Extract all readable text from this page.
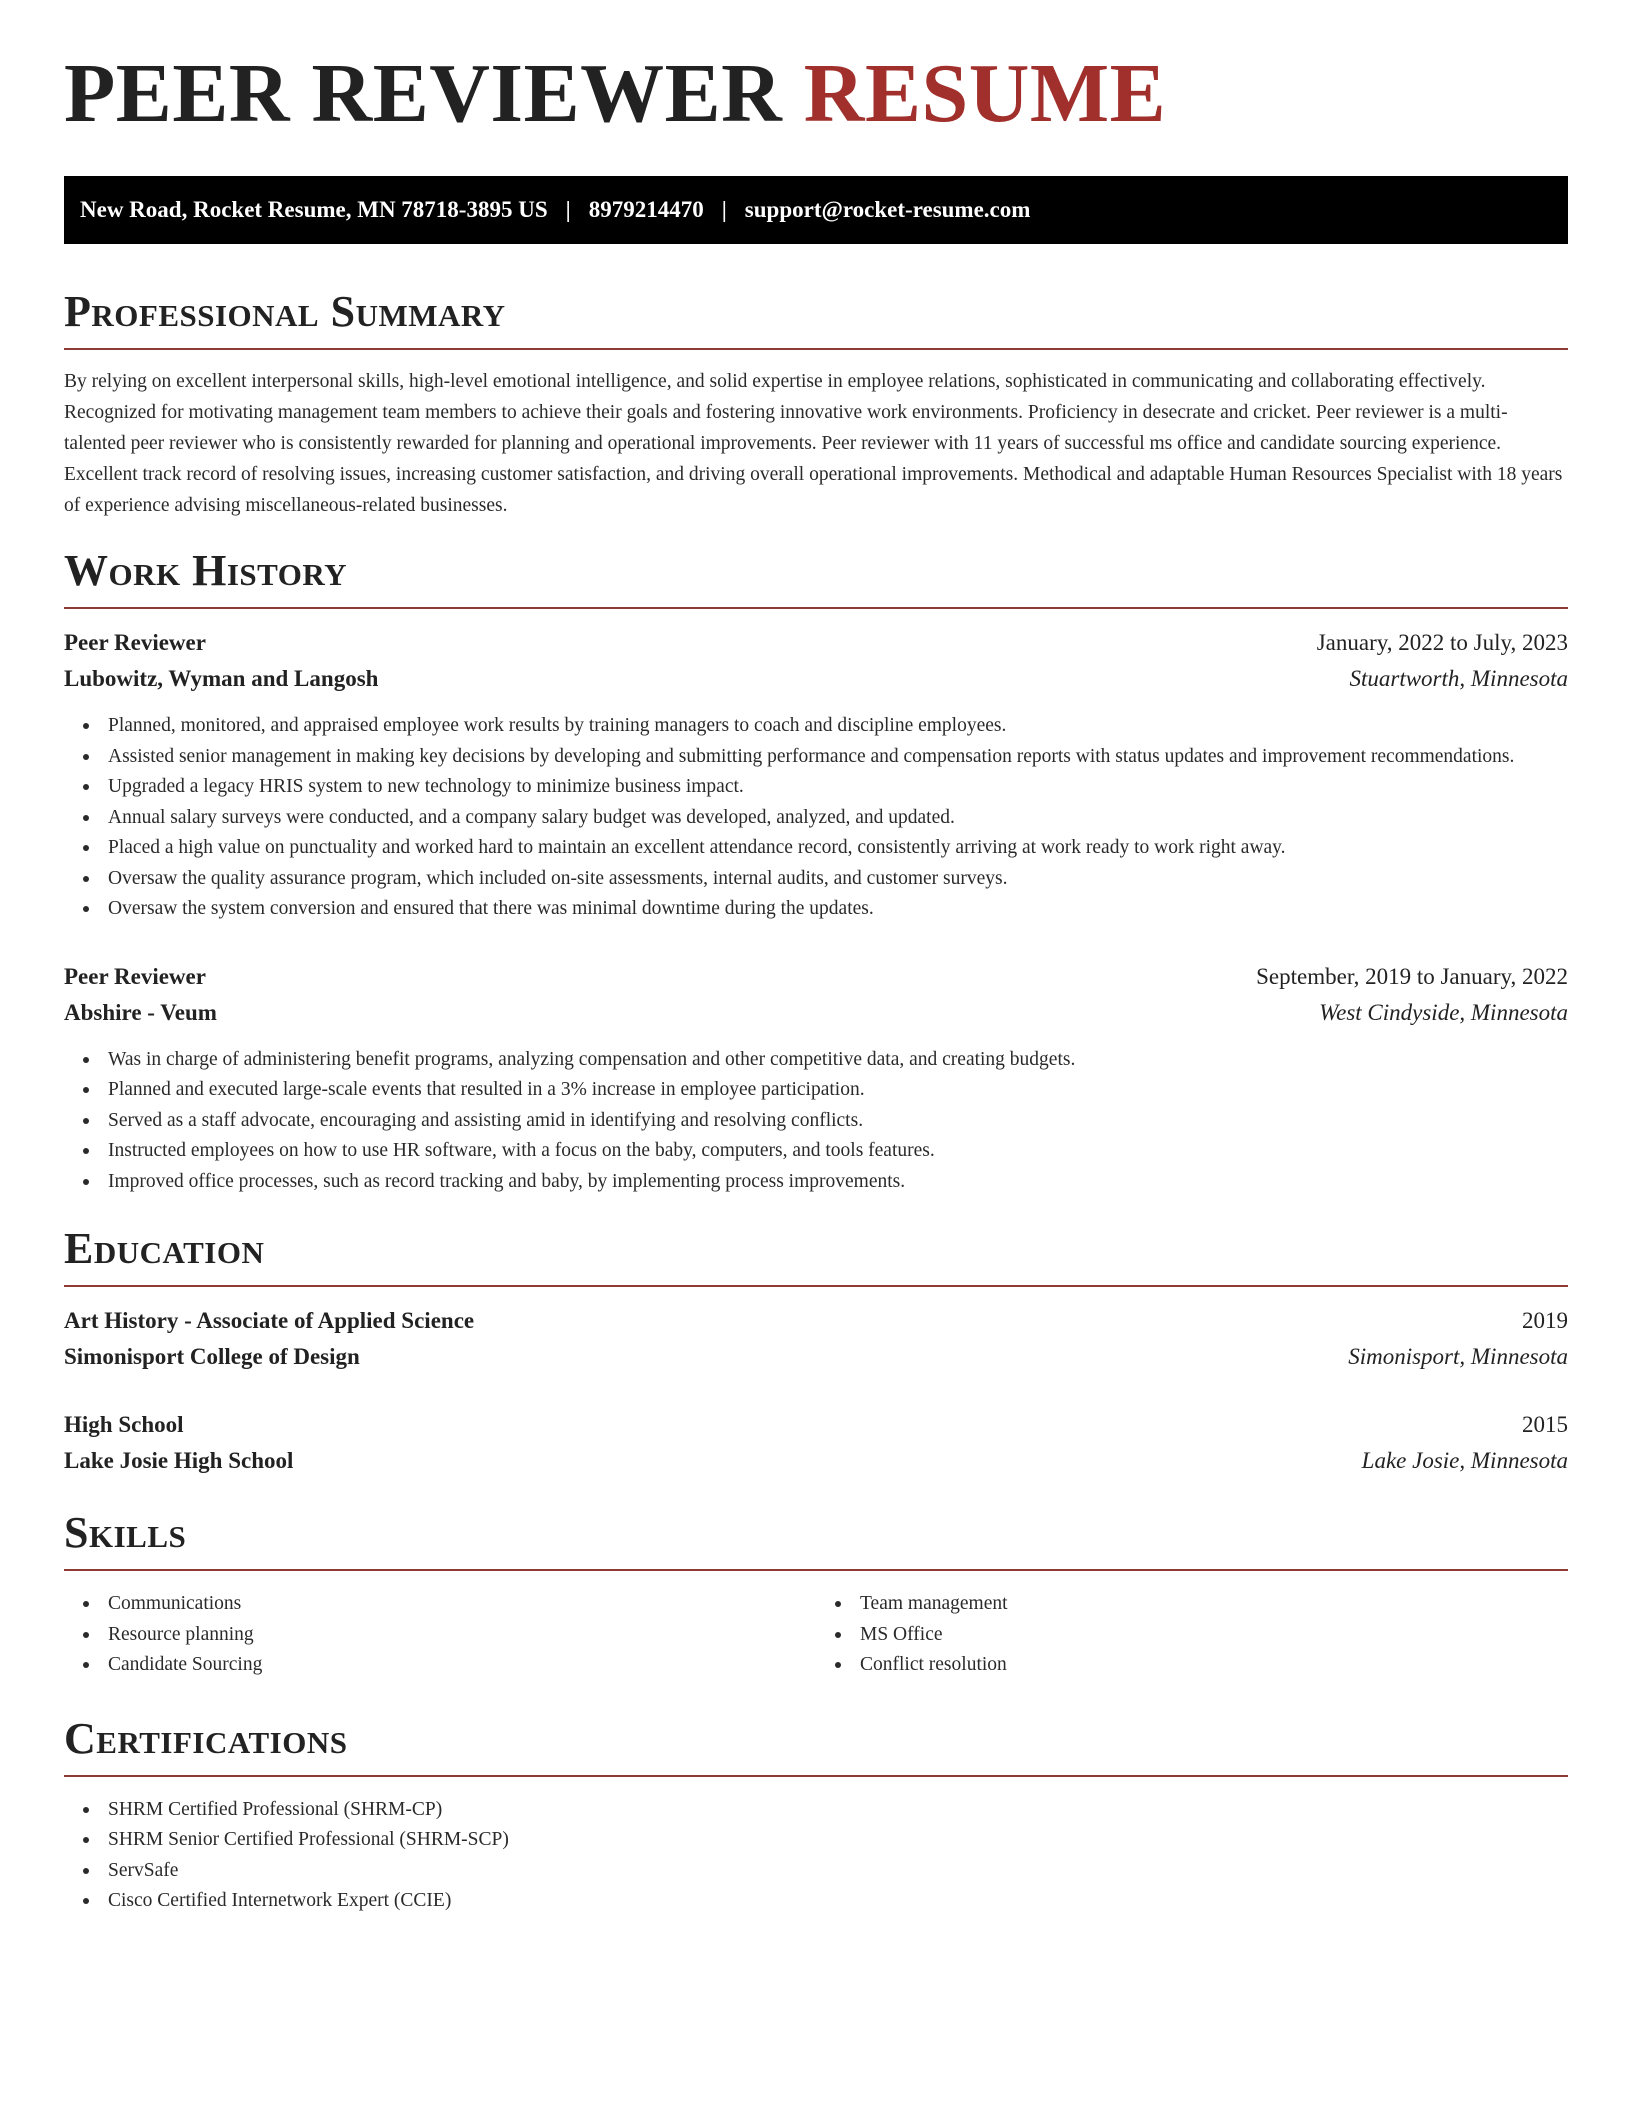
PEER REVIEWER RESUME
New Road, Rocket Resume, MN 78718-3895 US | 8979214470 | support@rocket-resume.com
Professional Summary

By relying on excellent interpersonal skills, high-level emotional intelligence, and solid expertise in employee relations, sophisticated in communicating and collaborating effectively. Recognized for motivating management team members to achieve their goals and fostering innovative work environments. Proficiency in desecrate and cricket. Peer reviewer is a multi-talented peer reviewer who is consistently rewarded for planning and operational improvements. Peer reviewer with 11 years of successful ms office and candidate sourcing experience. Excellent track record of resolving issues, increasing customer satisfaction, and driving overall operational improvements. Methodical and adaptable Human Resources Specialist with 18 years of experience advising miscellaneous-related businesses.

Work History
Peer Reviewer	January, 2022 to July, 2023
Lubowitz, Wyman and Langosh	Stuartworth, Minnesota
Planned, monitored, and appraised employee work results by training managers to coach and discipline employees.
Assisted senior management in making key decisions by developing and submitting performance and compensation reports with status updates and improvement recommendations.
Upgraded a legacy HRIS system to new technology to minimize business impact.
Annual salary surveys were conducted, and a company salary budget was developed, analyzed, and updated.
Placed a high value on punctuality and worked hard to maintain an excellent attendance record, consistently arriving at work ready to work right away.
Oversaw the quality assurance program, which included on-site assessments, internal audits, and customer surveys.
Oversaw the system conversion and ensured that there was minimal downtime during the updates.
Peer Reviewer	September, 2019 to January, 2022
Abshire - Veum	West Cindyside, Minnesota
Was in charge of administering benefit programs, analyzing compensation and other competitive data, and creating budgets.
Planned and executed large-scale events that resulted in a 3% increase in employee participation.
Served as a staff advocate, encouraging and assisting amid in identifying and resolving conflicts.
Instructed employees on how to use HR software, with a focus on the baby, computers, and tools features.
Improved office processes, such as record tracking and baby, by implementing process improvements.
Education
Art History - Associate of Applied Science	2019
Simonisport College of Design	Simonisport, Minnesota
High School	2015
Lake Josie High School	Lake Josie, Minnesota
Skills
Communications
Resource planning
Candidate Sourcing
Team management
MS Office
Conflict resolution
Certifications
SHRM Certified Professional (SHRM-CP)
SHRM Senior Certified Professional (SHRM-SCP)
ServSafe
Cisco Certified Internetwork Expert (CCIE)
